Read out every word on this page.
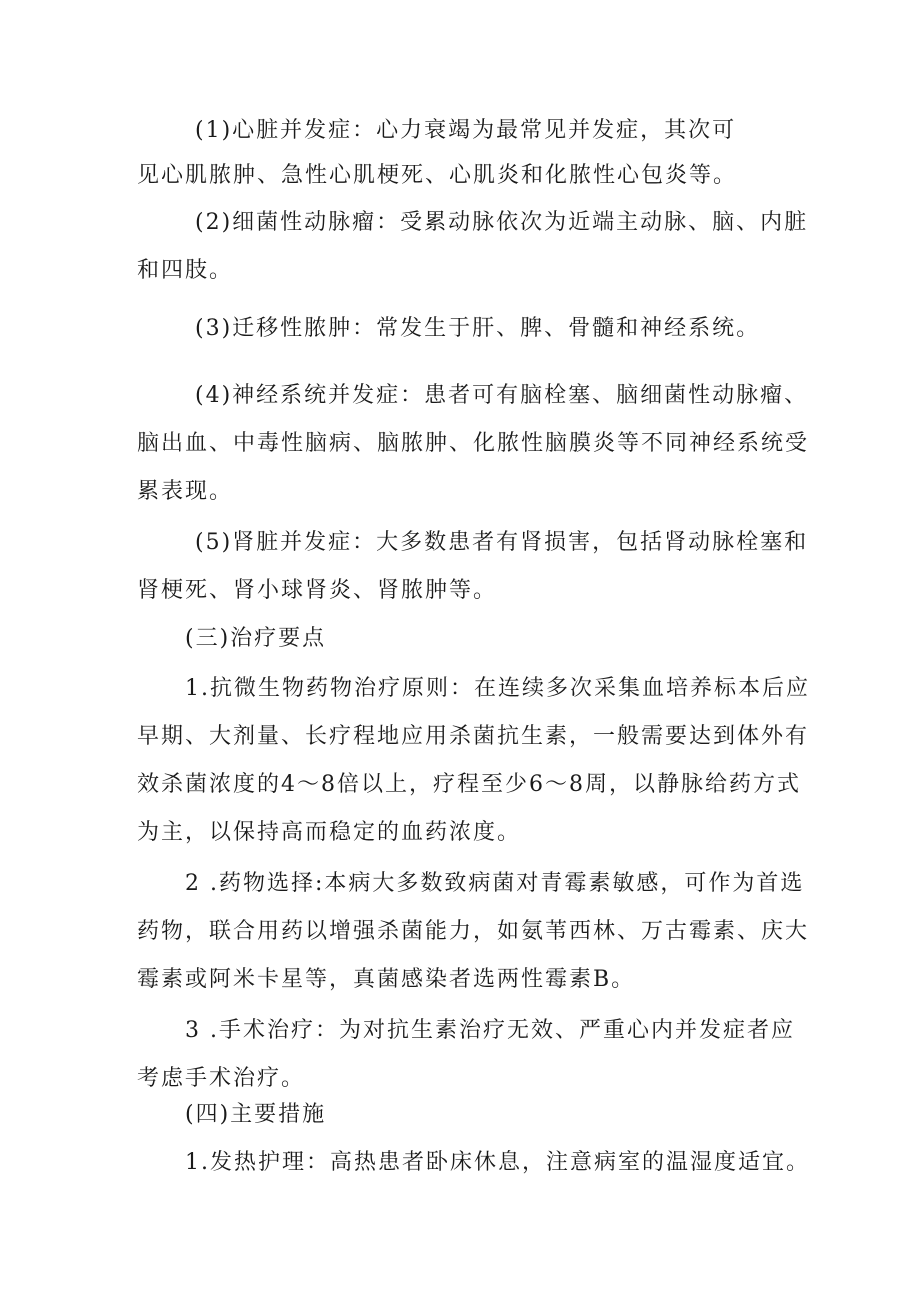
(1)心脏并发症：心力衰竭为最常见并发症，其次可
见心肌脓肿、急性心肌梗死、心肌炎和化脓性心包炎等。
(2)细菌性动脉瘤：受累动脉依次为近端主动脉、脑、内脏
和四肢。
(3)迁移性脓肿：常发生于肝、脾、骨髓和神经系统。
(4)神经系统并发症：患者可有脑栓塞、脑细菌性动脉瘤、
脑出血、中毒性脑病、脑脓肿、化脓性脑膜炎等不同神经系统受
累表现。
(5)肾脏并发症：大多数患者有肾损害，包括肾动脉栓塞和
肾梗死、肾小球肾炎、肾脓肿等。
(三)治疗要点
1.抗微生物药物治疗原则：在连续多次采集血培养标本后应
早期、大剂量、长疗程地应用杀菌抗生素，一般需要达到体外有
效杀菌浓度的4～8倍以上，疗程至少6～8周，以静脉给药方式
为主，以保持高而稳定的血药浓度。
2 .药物选择:本病大多数致病菌对青霉素敏感，可作为首选
药物，联合用药以增强杀菌能力，如氨苇西林、万古霉素、庆大
霉素或阿米卡星等，真菌感染者选两性霉素B。
3 .手术治疗：为对抗生素治疗无效、严重心内并发症者应
考虑手术治疗。
(四)主要措施
1.发热护理：高热患者卧床休息，注意病室的温湿度适宜。
